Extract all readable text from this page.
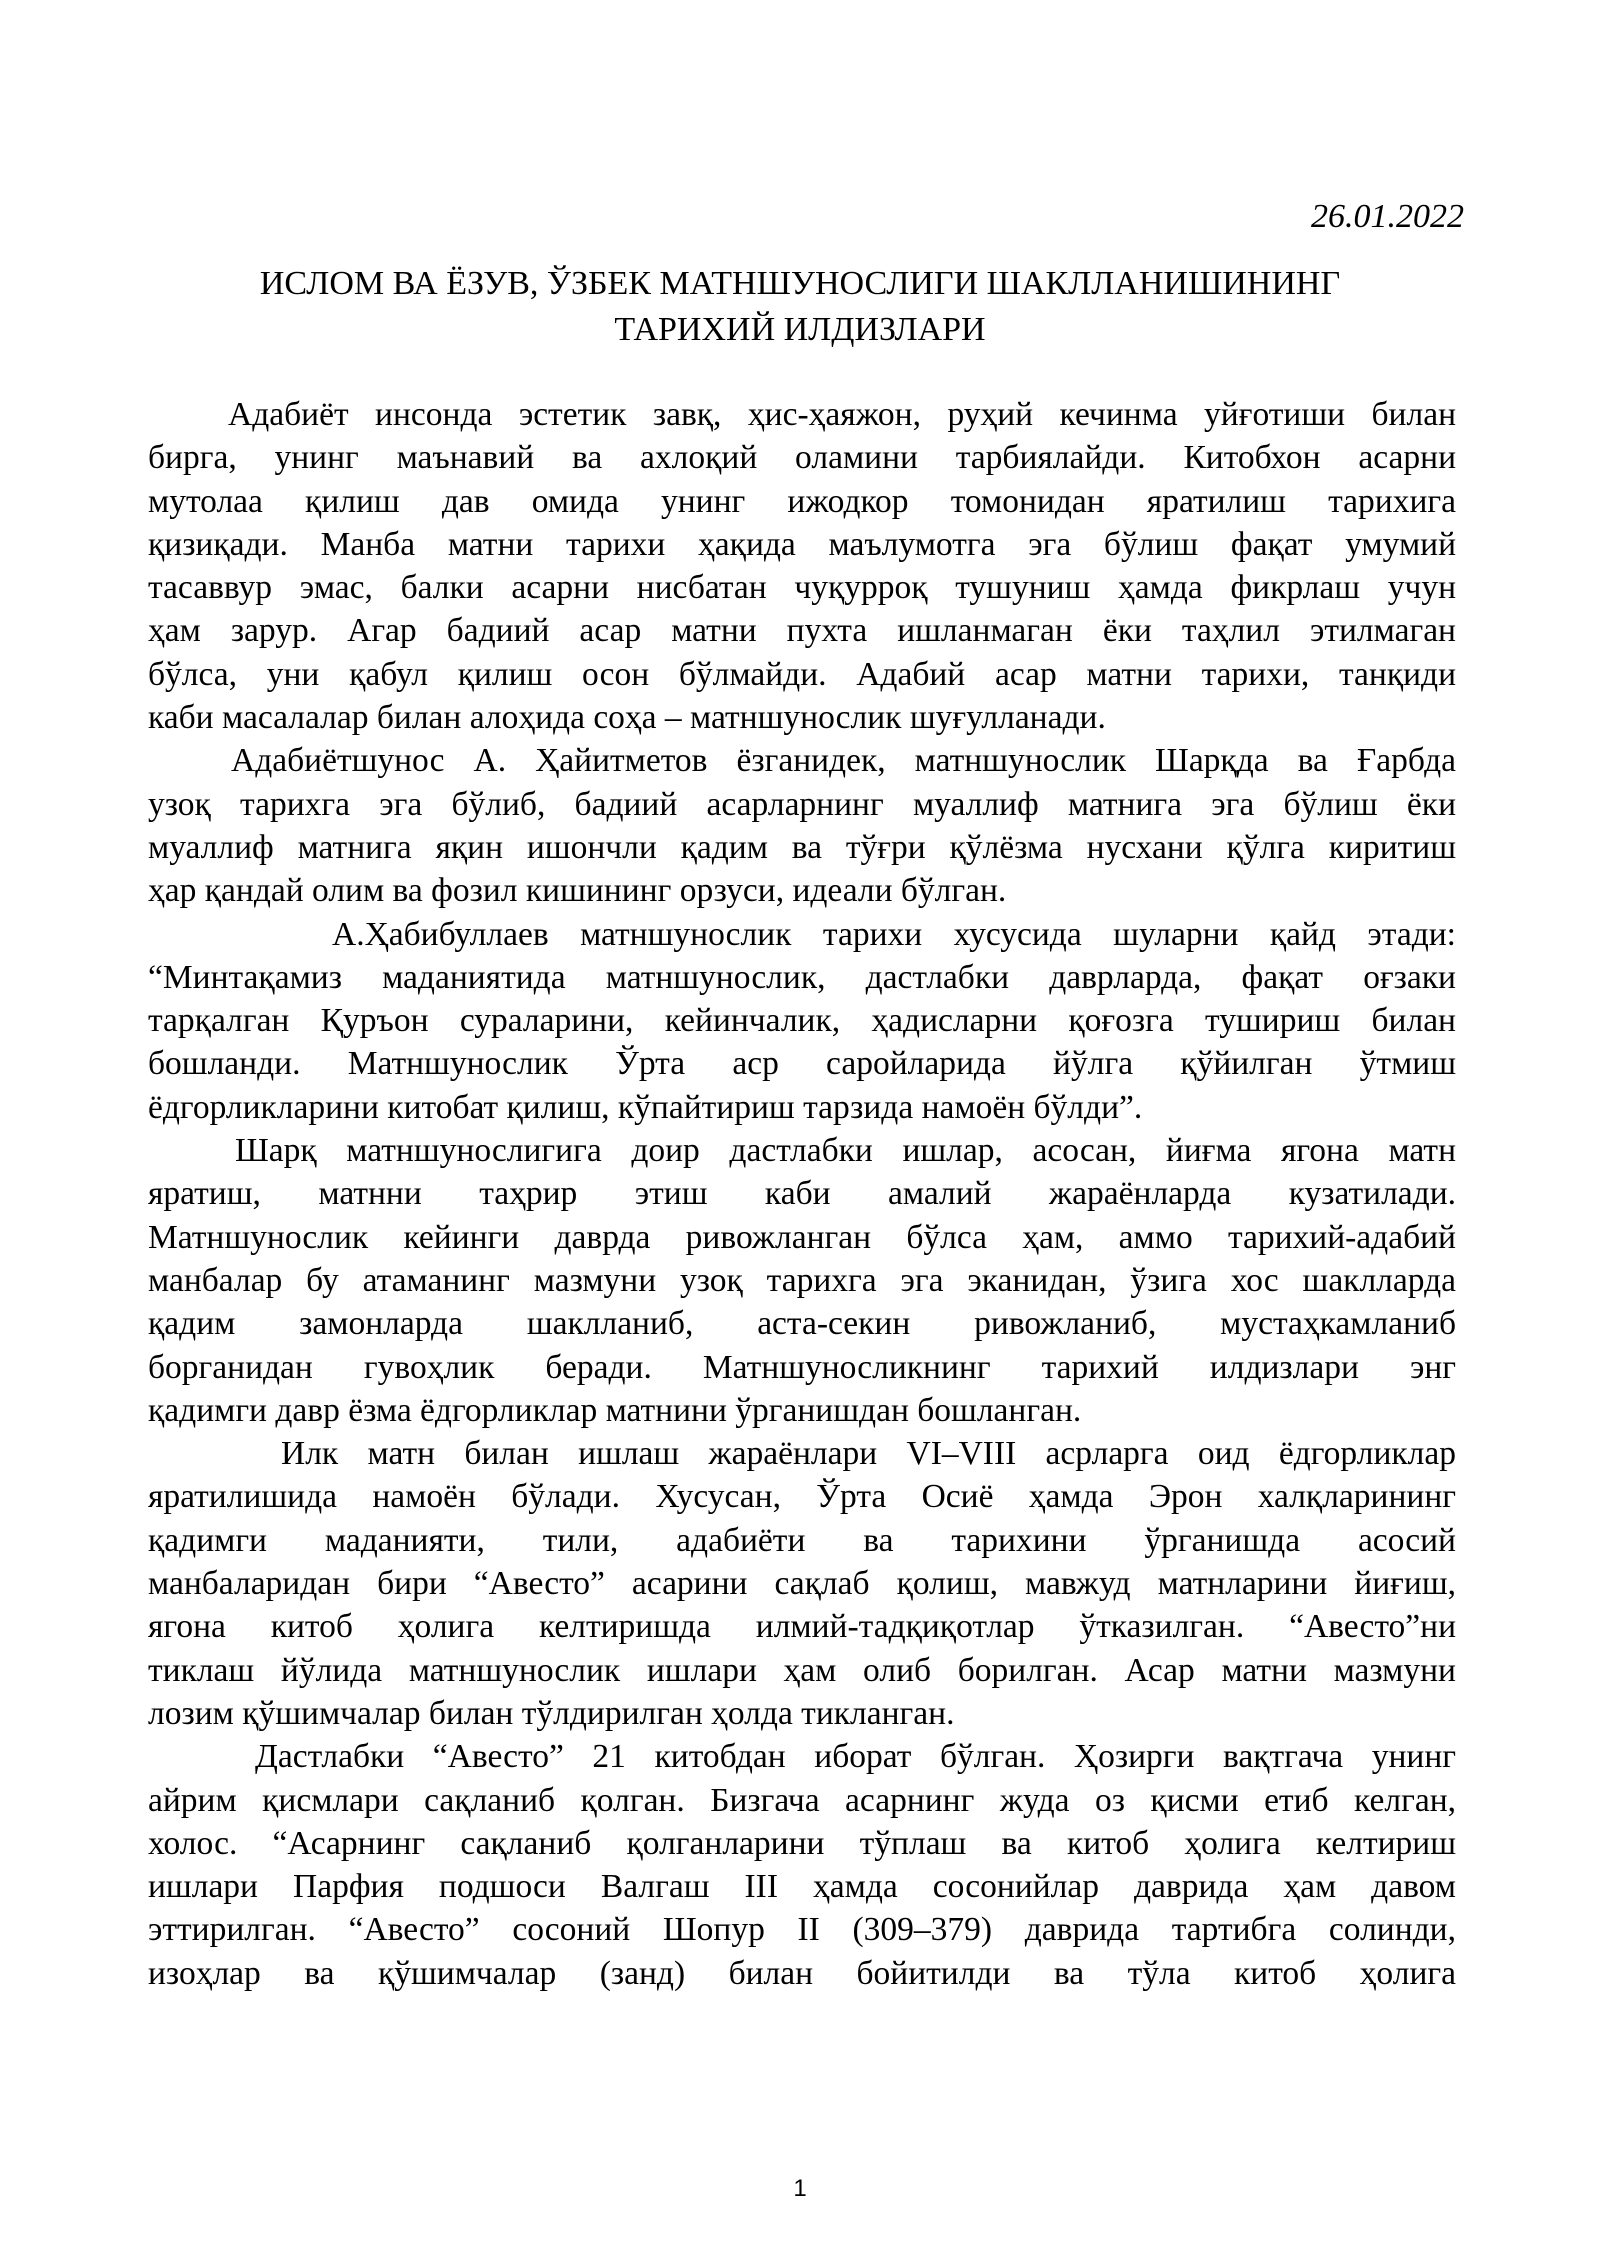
26.01.2022
ИСЛОМ ВА ЁЗУВ, ЎЗБЕК МАТНШУНОСЛИГИ ШАКЛЛАНИШИНИНГ
ТАРИХИЙ ИЛДИЗЛАРИ
Адабиёт инсонда эстетик завқ, ҳис-ҳаяжон, руҳий кечинма уйғотиши билан
бирга, унинг маънавий ва ахлоқий оламини тарбиялайди. Китобхон асарни
мутолаа қилиш дав омида унинг ижодкор томонидан яратилиш тарихига
қизиқади. Манба матни тарихи ҳақида маълумотга эга бўлиш фақат умумий
тасаввур эмас, балки асарни нисбатан чуқурроқ тушуниш ҳамда фикрлаш учун
ҳам зарур. Агар бадиий асар матни пухта ишланмаган ёки таҳлил этилмаган
бўлса, уни қабул қилиш осон бўлмайди. Адабий асар матни тарихи, танқиди
каби масалалар билан алоҳида соҳа – матншунослик шуғулланади.
Адабиётшунос А. Ҳайитметов ёзганидек, матншунослик Шарқда ва Ғарбда
узоқ тарихга эга бўлиб, бадиий асарларнинг муаллиф матнига эга бўлиш ёки
муаллиф матнига яқин ишончли қадим ва тўғри қўлёзма нусхани қўлга киритиш
ҳар қандай олим ва фозил кишининг орзуси, идеали бўлган.
А.Ҳабибуллаев матншунослик тарихи хусусида шуларни қайд этади:
“Минтақамиз маданиятида матншунослик, дастлабки даврларда, фақат оғзаки
тарқалган Қуръон сураларини, кейинчалик, ҳадисларни қоғозга тушириш билан
бошланди. Матншунослик Ўрта аср саройларида йўлга қўйилган ўтмиш
ёдгорликларини китобат қилиш, кўпайтириш тарзида намоён бўлди”.
Шарқ матншунослигига доир дастлабки ишлар, асосан, йиғма ягона матн
яратиш, матнни таҳрир этиш каби амалий жараёнларда кузатилади.
Матншунослик кейинги даврда ривожланган бўлса ҳам, аммо тарихий-адабий
манбалар бу атаманинг мазмуни узоқ тарихга эга эканидан, ўзига хос шаклларда
қадим замонларда шаклланиб, аста-секин ривожланиб, мустаҳкамланиб
борганидан гувоҳлик беради. Матншуносликнинг тарихий илдизлари энг
қадимги давр ёзма ёдгорликлар матнини ўрганишдан бошланган.
Илк матн билан ишлаш жараёнлари VI–VIII асрларга оид ёдгорликлар
яратилишида намоён бўлади. Хусусан, Ўрта Осиё ҳамда Эрон халқларининг
қадимги маданияти, тили, адабиёти ва тарихини ўрганишда асосий
манбаларидан бири “Авесто” асарини сақлаб қолиш, мавжуд матнларини йиғиш,
ягона китоб ҳолига келтиришда илмий-тадқиқотлар ўтказилган. “Авесто”ни
тиклаш йўлида матншунослик ишлари ҳам олиб борилган. Асар матни мазмуни
лозим қўшимчалар билан тўлдирилган ҳолда тикланган.
Дастлабки “Авесто” 21 китобдан иборат бўлган. Ҳозирги вақтгача унинг
айрим қисмлари сақланиб қолган. Бизгача асарнинг жуда оз қисми етиб келган,
холос. “Асарнинг сақланиб қолганларини тўплаш ва китоб ҳолига келтириш
ишлари Парфия подшоси Валгаш III ҳамда сосонийлар даврида ҳам давом
эттирилган. “Авесто” сосоний Шопур II (309–379) даврида тартибга солинди,
изоҳлар ва қўшимчалар (занд) билан бойитилди ва тўла китоб ҳолига
1
